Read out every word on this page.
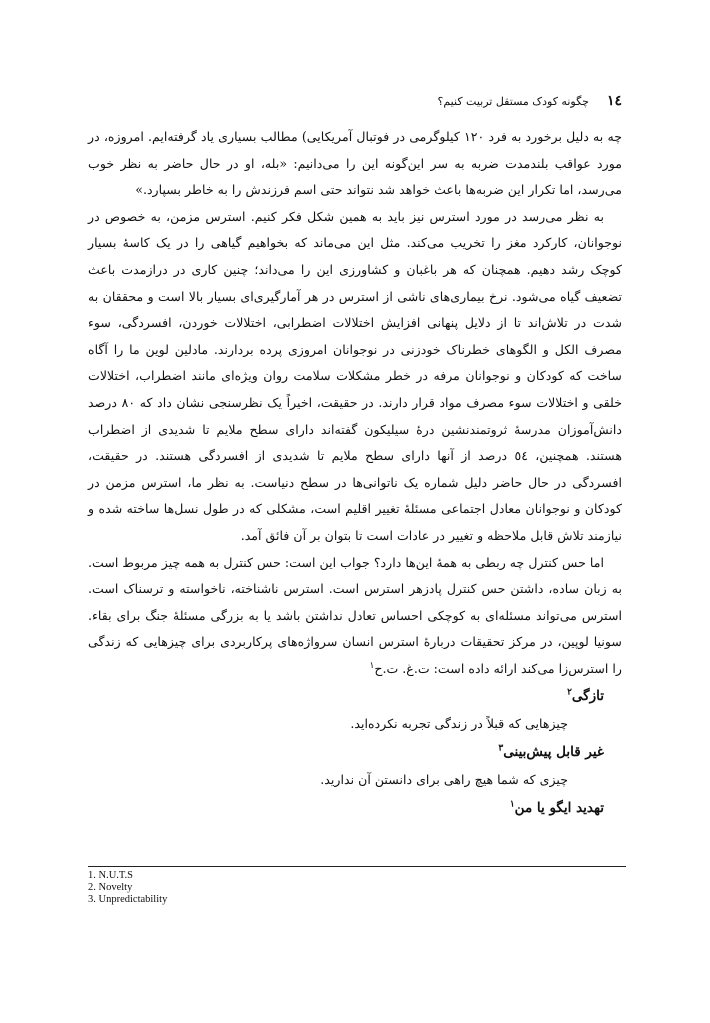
١٤
چگونه کودک مستقل تربیت کنیم؟

چه به دلیل برخورد به فرد ۱۲۰ کیلوگرمی در فوتبال آمریکایی) مطالب بسیاری یاد گرفته‌ایم. امروزه، در مورد عواقب بلندمدت ضربه به سر این‌گونه این را می‌دانیم: «بله، او در حال حاضر به نظر خوب می‌رسد، اما تکرار این ضربه‌ها باعث خواهد شد نتواند حتی اسم فرزندش را به خاطر بسپارد.»

به نظر می‌رسد در مورد استرس نیز باید به همین شکل فکر کنیم. استرس مزمن، به خصوص در نوجوانان، کارکرد مغز را تخریب می‌کند. مثل این می‌ماند که بخواهیم گیاهی را در یک کاسهٔ بسیار کوچک رشد دهیم. همچنان که هر باغبان و کشاورزی این را می‌داند؛ چنین کاری در درازمدت باعث تضعیف گیاه می‌شود. نرخ بیماری‌های ناشی از استرس در هر آمارگیری‌ای بسیار بالا است و محققان به شدت در تلاش‌اند تا از دلایل پنهانی افزایش اختلالات اضطرابی، اختلالات خوردن، افسردگی، سوء مصرف الکل و الگوهای خطرناک خودزنی در نوجوانان امروزی پرده بردارند. مادلین لوین ما را آگاه ساخت که کودکان و نوجوانان مرفه در خطر مشکلات سلامت روان ویژه‌ای مانند اضطراب، اختلالات خلقی و اختلالات سوء مصرف مواد قرار دارند. در حقیقت، اخیراً یک نظرسنجی نشان داد که ۸۰ درصد دانش‌آموزان مدرسهٔ ثروتمندنشین درهٔ سیلیکون گفته‌اند دارای سطح ملایم تا شدیدی از اضطراب هستند. همچنین، ٥٤ درصد از آنها دارای سطح ملایم تا شدیدی از افسردگی هستند. در حقیقت، افسردگی در حال حاضر دلیل شماره یک ناتوانی‌ها در سطح دنیاست. به نظر ما، استرس مزمن در کودکان و نوجوانان معادل اجتماعی مسئلهٔ تغییر اقلیم است، مشکلی که در طول نسل‌ها ساخته شده و نیازمند تلاش قابل ملاحظه و تغییر در عادات است تا بتوان بر آن فائق آمد.

اما حس کنترل چه ربطی به همهٔ این‌ها دارد؟ جواب این است: حس کنترل به همه چیز مربوط است. به زبان ساده، داشتن حس کنترل پادزهر استرس است. استرس ناشناخته، ناخواسته و ترسناک است. استرس می‌تواند مسئله‌ای به کوچکی احساس تعادل نداشتن باشد یا به بزرگی مسئلهٔ جنگ برای بقاء. سونیا لوپین، در مرکز تحقیقات دربارهٔ استرس انسان سرواژه‌های پرکاربردی برای چیزهایی که زندگی را استرس‌زا می‌کند ارائه داده است: ت.غ. ت.ح$^۱$

تازگی$^۲$

چیزهایی که قبلاً در زندگی تجربه نکرده‌اید.

غیر قابل پیش‌بینی$^۳$

چیزی که شما هیچ راهی برای دانستن آن ندارید.

تهدید ایگو یا من$^۱$

1. N.U.T.S
2. Novelty
3. Unpredictability
